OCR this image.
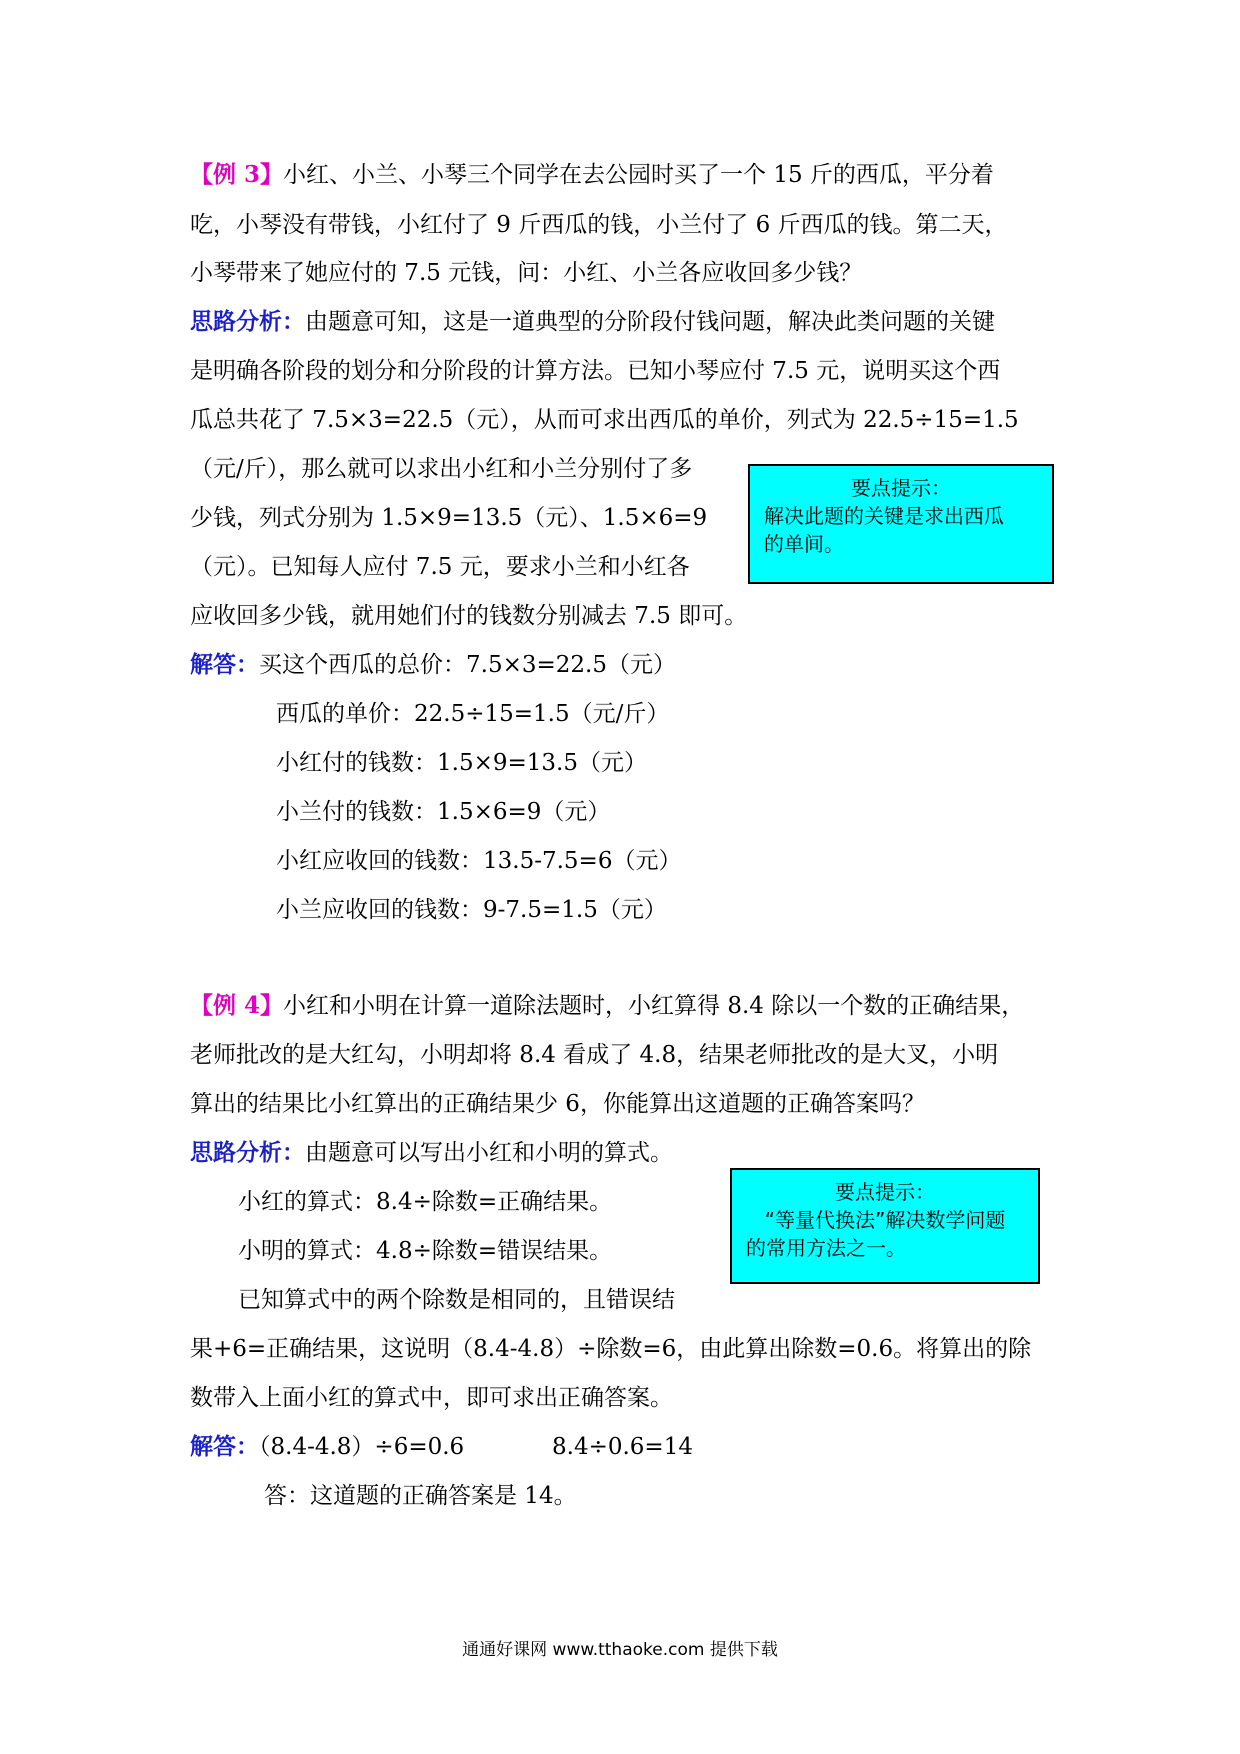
【例 3】小红、小兰、小琴三个同学在去公园时买了一个 15 斤的西瓜，平分着
吃，小琴没有带钱，小红付了 9 斤西瓜的钱，小兰付了 6 斤西瓜的钱。第二天，
小琴带来了她应付的 7.5 元钱，问：小红、小兰各应收回多少钱？
思路分析：由题意可知，这是一道典型的分阶段付钱问题，解决此类问题的关键
是明确各阶段的划分和分阶段的计算方法。已知小琴应付 7.5 元，说明买这个西
瓜总共花了 7.5×3=22.5（元），从而可求出西瓜的单价，列式为 22.5÷15=1.5
（元/斤），那么就可以求出小红和小兰分别付了多
少钱，列式分别为 1.5×9=13.5（元）、1.5×6=9
（元）。已知每人应付 7.5 元，要求小兰和小红各
应收回多少钱，就用她们付的钱数分别减去 7.5 即可。
要点提示：
解决此题的关键是求出西瓜
的单间。
解答：买这个西瓜的总价：7.5×3=22.5（元）
西瓜的单价：22.5÷15=1.5（元/斤）
小红付的钱数：1.5×9=13.5（元）
小兰付的钱数：1.5×6=9（元）
小红应收回的钱数：13.5-7.5=6（元）
小兰应收回的钱数：9-7.5=1.5（元）
【例 4】小红和小明在计算一道除法题时，小红算得 8.4 除以一个数的正确结果，
老师批改的是大红勾，小明却将 8.4 看成了 4.8，结果老师批改的是大叉，小明
算出的结果比小红算出的正确结果少 6，你能算出这道题的正确答案吗？
思路分析：由题意可以写出小红和小明的算式。
小红的算式：8.4÷除数=正确结果。
小明的算式：4.8÷除数=错误结果。
已知算式中的两个除数是相同的，且错误结
果+6=正确结果，这说明（8.4-4.8）÷除数=6，由此算出除数=0.6。将算出的除
数带入上面小红的算式中，即可求出正确答案。
要点提示：
“等量代换法”解决数学问题
的常用方法之一。
解答：（8.4-4.8）÷6=0.6	8.4÷0.6=14
答：这道题的正确答案是 14。
通通好课网 www.tthaoke.com 提供下载
